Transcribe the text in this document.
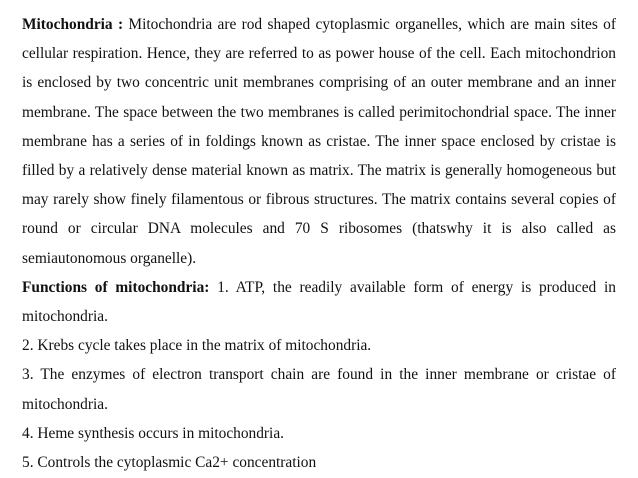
Mitochondria : Mitochondria are rod shaped cytoplasmic organelles, which are main sites of cellular respiration. Hence, they are referred to as power house of the cell. Each mitochondrion is enclosed by two concentric unit membranes comprising of an outer membrane and an inner membrane. The space between the two membranes is called perimitochondrial space. The inner membrane has a series of in foldings known as cristae. The inner space enclosed by cristae is filled by a relatively dense material known as matrix. The matrix is generally homogeneous but may rarely show finely filamentous or fibrous structures. The matrix contains several copies of round or circular DNA molecules and 70 S ribosomes (thatswhy it is also called as semiautonomous organelle).

Functions of mitochondria: 1. ATP, the readily available form of energy is produced in mitochondria.

2. Krebs cycle takes place in the matrix of mitochondria.

3. The enzymes of electron transport chain are found in the inner membrane or cristae of mitochondria.

4. Heme synthesis occurs in mitochondria.

5. Controls the cytoplasmic Ca2+ concentration
